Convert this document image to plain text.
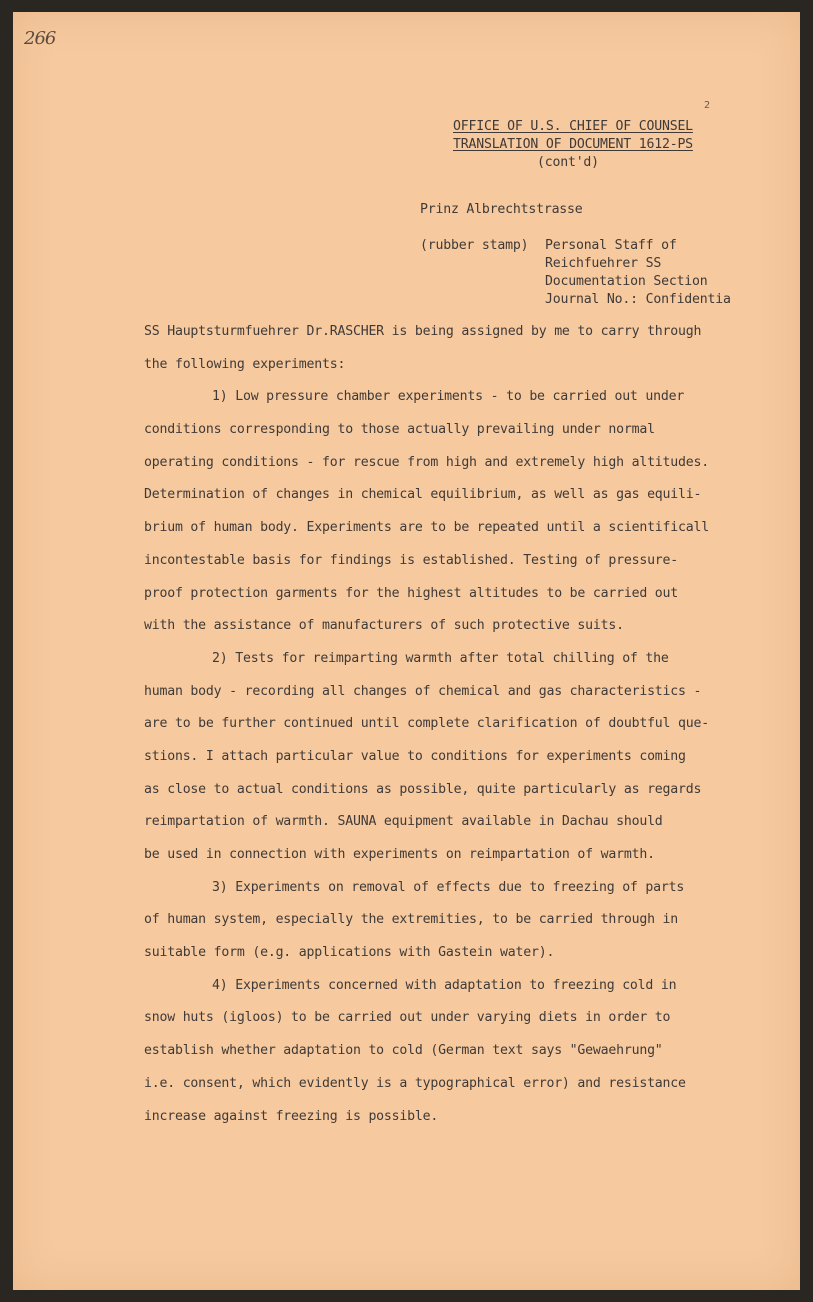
266
2
OFFICE OF U.S. CHIEF OF COUNSEL
TRANSLATION OF DOCUMENT 1612-PS
(cont'd)
Prinz Albrechtstrasse
(rubber stamp) Personal Staff of
Reichfuehrer SS
Documentation Section
Journal No.: Confidentia
SS Hauptsturmfuehrer Dr.RASCHER is being assigned by me to carry through
the following experiments:
1) Low pressure chamber experiments - to be carried out under
conditions corresponding to those actually prevailing under normal
operating conditions - for rescue from high and extremely high altitudes.
Determination of changes in chemical equilibrium, as well as gas equili-
brium of human body. Experiments are to be repeated until a scientificall
incontestable basis for findings is established. Testing of pressure-
proof protection garments for the highest altitudes to be carried out
with the assistance of manufacturers of such protective suits.
2) Tests for reimparting warmth after total chilling of the
human body - recording all changes of chemical and gas characteristics -
are to be further continued until complete clarification of doubtful que-
stions. I attach particular value to conditions for experiments coming
as close to actual conditions as possible, quite particularly as regards
reimpartation of warmth. SAUNA equipment available in Dachau should
be used in connection with experiments on reimpartation of warmth.
3) Experiments on removal of effects due to freezing of parts
of human system, especially the extremities, to be carried through in
suitable form (e.g. applications with Gastein water).
4) Experiments concerned with adaptation to freezing cold in
snow huts (igloos) to be carried out under varying diets in order to
establish whether adaptation to cold (German text says "Gewaehrung"
i.e. consent, which evidently is a typographical error) and resistance
increase against freezing is possible.
